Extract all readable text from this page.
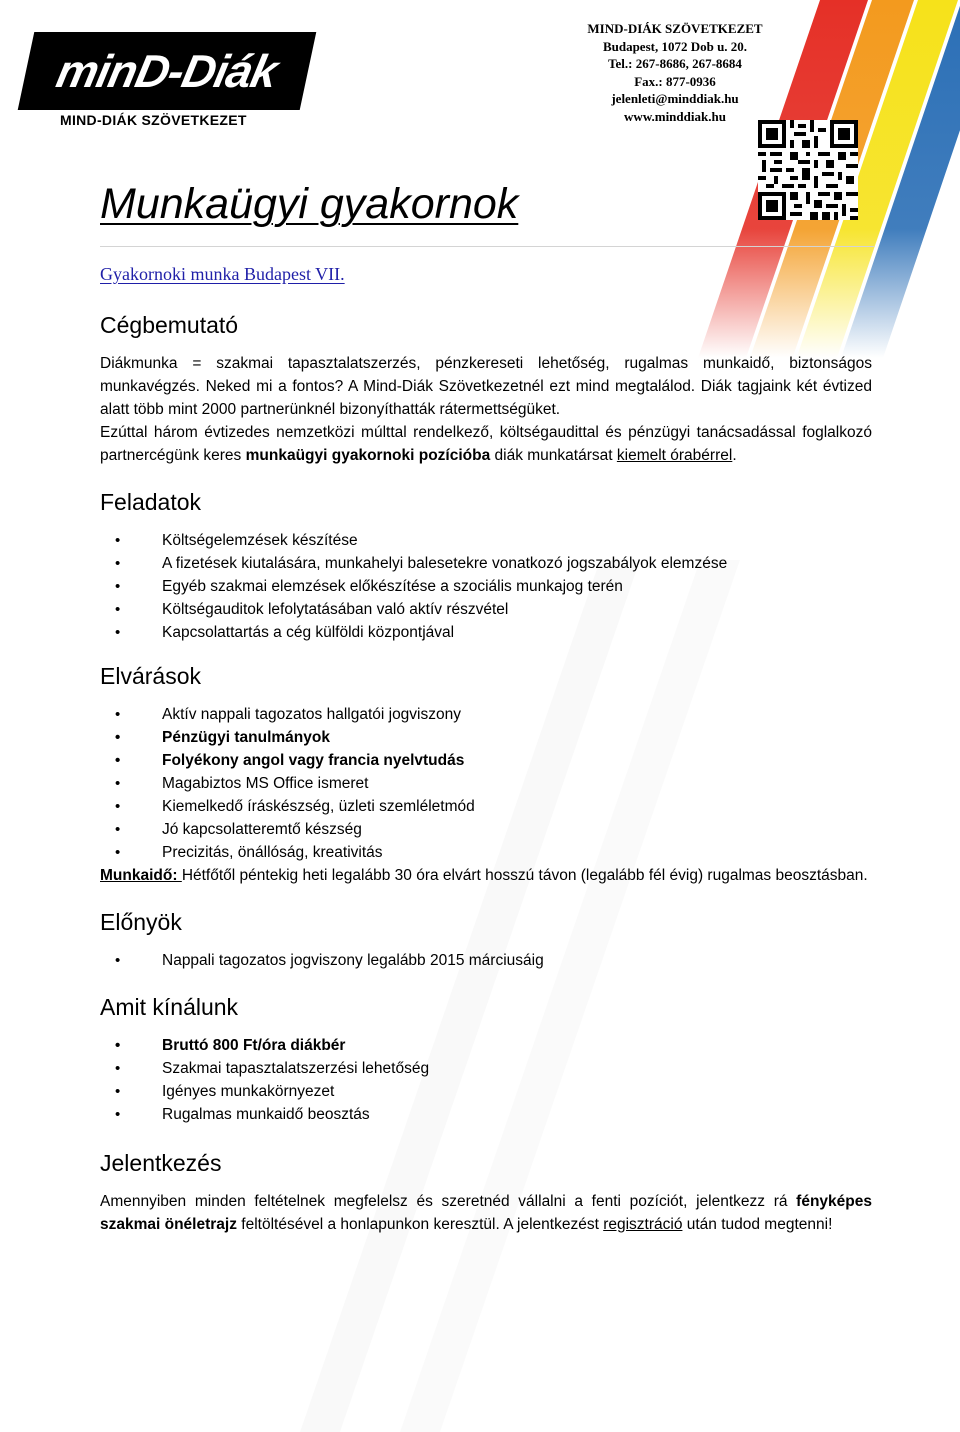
minD-Diák
MIND-DIÁK SZÖVETKEZET
MIND-DIÁK SZÖVETKEZET
Budapest, 1072 Dob u. 20.
Tel.: 267-8686, 267-8684
Fax.: 877-0936
jelenleti@minddiak.hu
www.minddiak.hu
Munkaügyi gyakornok
Gyakornoki munka Budapest VII.
Cégbemutató

Diákmunka = szakmai tapasztalatszerzés, pénzkereseti lehetőség, rugalmas munkaidő, biztonságos munkavégzés. Neked mi a fontos? A Mind-Diák Szövetkezetnél ezt mind megtalálod. Diák tagjaink két évtized alatt több mint 2000 partnerünknél bizonyíthatták rátermettségüket.

Ezúttal három évtizedes nemzetközi múlttal rendelkező, költségaudittal és pénzügyi tanácsadással foglalkozó partnercégünk keres munkaügyi gyakornoki pozícióba diák munkatársat kiemelt órabérrel.

Feladatok
• Költségelemzések készítése
• A fizetések kiutalására, munkahelyi balesetekre vonatkozó jogszabályok elemzése
• Egyéb szakmai elemzések előkészítése a szociális munkajog terén
• Költségauditok lefolytatásában való aktív részvétel
• Kapcsolattartás a cég külföldi központjával
Elvárások
• Aktív nappali tagozatos hallgatói jogviszony
• Pénzügyi tanulmányok
• Folyékony angol vagy francia nyelvtudás
• Magabiztos MS Office ismeret
• Kiemelkedő íráskészség, üzleti szemléletmód
• Jó kapcsolatteremtő készség
• Precizitás, önállóság, kreativitás

Munkaidő: Hétfőtől péntekig heti legalább 30 óra elvárt hosszú távon (legalább fél évig) rugalmas beosztásban.

Előnyök
• Nappali tagozatos jogviszony legalább 2015 márciusáig
Amit kínálunk
• Bruttó 800 Ft/óra diákbér
• Szakmai tapasztalatszerzési lehetőség
• Igényes munkakörnyezet
• Rugalmas munkaidő beosztás
Jelentkezés

Amennyiben minden feltételnek megfelelsz és szeretnéd vállalni a fenti pozíciót, jelentkezz rá fényképes szakmai önéletrajz feltöltésével a honlapunkon keresztül. A jelentkezést regisztráció után tudod megtenni!
